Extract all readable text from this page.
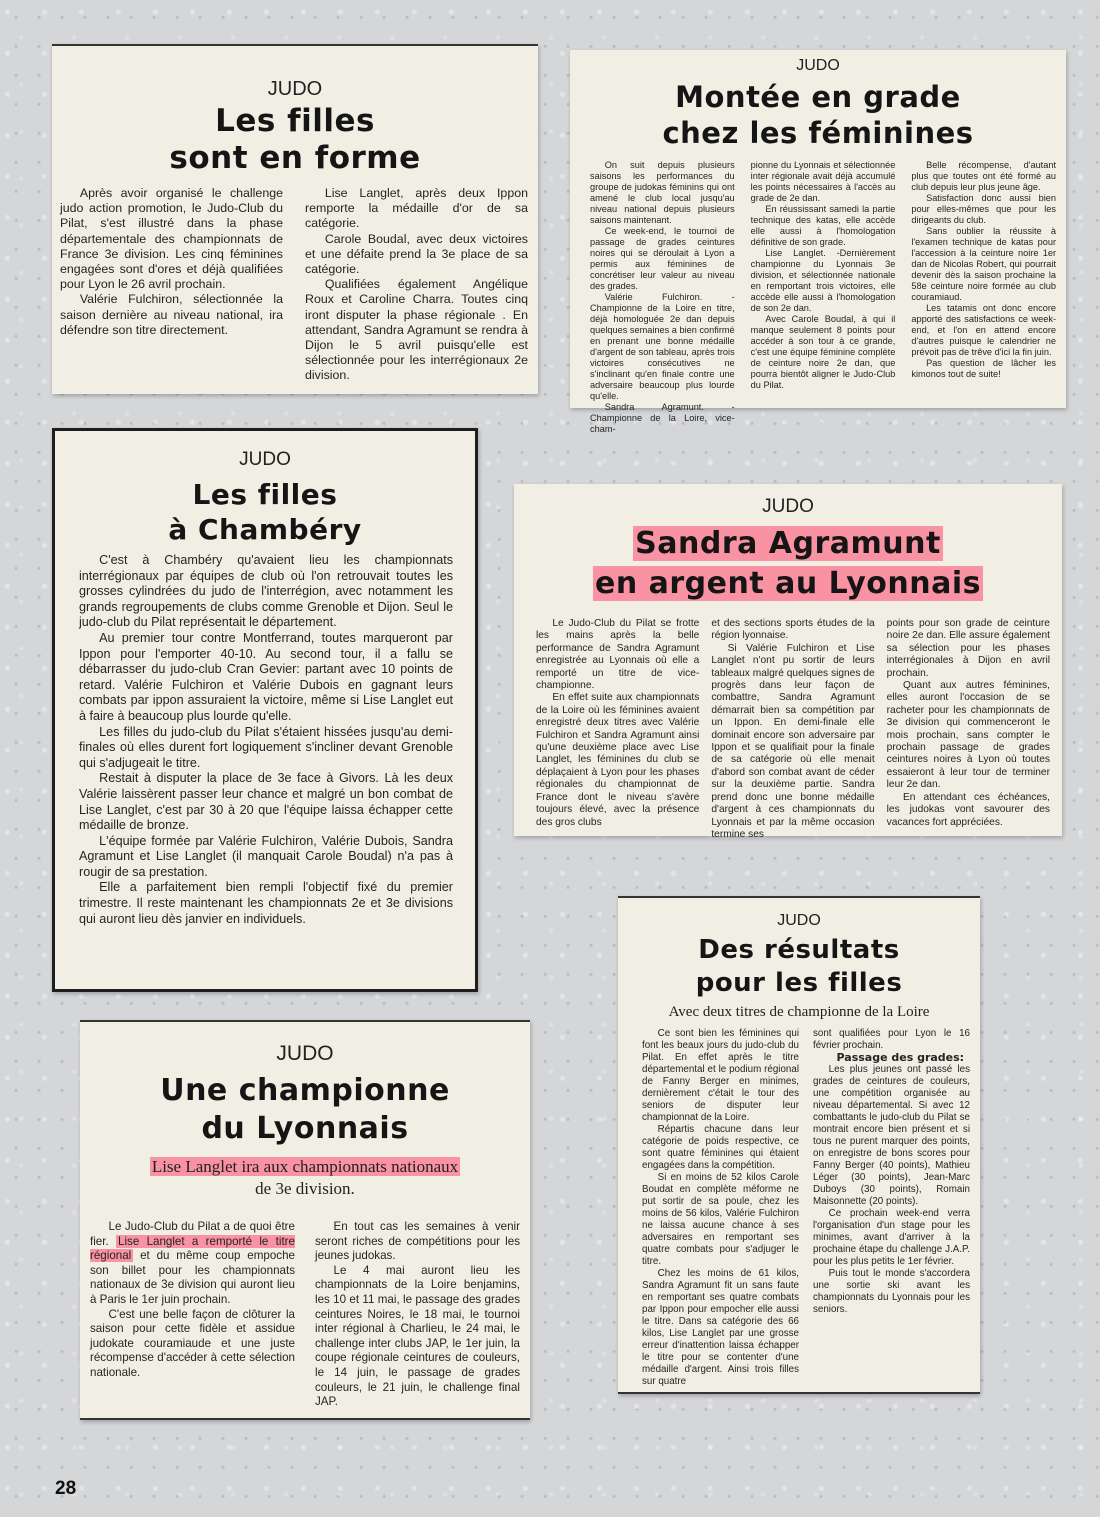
JUDO
Les filles
sont en forme

Après avoir organisé le challenge judo action promotion, le Judo-Club du Pilat, s'est illustré dans la phase départementale des championnats de France 3e division. Les cinq féminines engagées sont d'ores et déjà qualifiées pour Lyon le 26 avril prochain.

Valérie Fulchiron, sélectionnée la saison dernière au niveau national, ira défendre son titre directement.

Lise Langlet, après deux Ippon remporte la médaille d'or de sa catégorie.

Carole Boudal, avec deux victoires et une défaite prend la 3e place de sa catégorie.

Qualifiées également Angélique Roux et Caroline Charra. Toutes cinq iront disputer la phase régionale . En attendant, Sandra Agramunt se rendra à Dijon le 5 avril puisqu'elle est sélectionnée pour les interrégionaux 2e division.

JUDO
Montée en grade
chez les féminines

On suit depuis plusieurs saisons les performances du groupe de judokas féminins qui ont amené le club local jusqu'au niveau national depuis plusieurs saisons maintenant.

Ce week-end, le tournoi de passage de grades ceintures noires qui se déroulait à Lyon a permis aux féminines de concrétiser leur valeur au niveau des grades.

Valérie Fulchiron. - Championne de la Loire en titre, déjà homologuée 2e dan depuis quelques semaines a bien confirmé en prenant une bonne médaille d'argent de son tableau, après trois victoires consécutives ne s'inclinant qu'en finale contre une adversaire beaucoup plus lourde qu'elle.

Sandra Agramunt. - Championne de la Loire, vice-cham-

pionne du Lyonnais et sélectionnée inter régionale avait déjà accumulé les points nécessaires à l'accès au grade de 2e dan.

En réussissant samedi la partie technique des katas, elle accède elle aussi à l'homologation définitive de son grade.

Lise Langlet. -Dernièrement championne du Lyonnais 3e division, et sélectionnée nationale en remportant trois victoires, elle accède elle aussi à l'homologation de son 2e dan.

Avec Carole Boudal, à qui il manque seulement 8 points pour accéder à son tour à ce grande, c'est une équipe féminine complète de ceinture noire 2e dan, que pourra bientôt aligner le Judo-Club du Pilat.

Belle récompense, d'autant plus que toutes ont été formé au club depuis leur plus jeune âge.

Satisfaction donc aussi bien pour elles-mêmes que pour les dirigeants du club.

Sans oublier la réussite à l'examen technique de katas pour l'accession à la ceinture noire 1er dan de Nicolas Robert, qui pourrait devenir dès la saison prochaine la 58e ceinture noire formée au club couramiaud.

Les tatamis ont donc encore apporté des satisfactions ce week-end, et l'on en attend encore d'autres puisque le calendrier ne prévoit pas de trêve d'ici la fin juin.

Pas question de lâcher les kimonos tout de suite!

JUDO
Les filles
à Chambéry

C'est à Chambéry qu'avaient lieu les championnats interrégionaux par équipes de club où l'on retrouvait toutes les grosses cylindrées du judo de l'interrégion, avec notamment les grands regroupements de clubs comme Grenoble et Dijon. Seul le judo-club du Pilat représentait le département.

Au premier tour contre Montferrand, toutes marqueront par Ippon pour l'emporter 40-10. Au second tour, il a fallu se débarrasser du judo-club Cran Gevier: partant avec 10 points de retard. Valérie Fulchiron et Valérie Dubois en gagnant leurs combats par ippon assuraient la victoire, même si Lise Langlet eut à faire à beaucoup plus lourde qu'elle.

Les filles du judo-club du Pilat s'étaient hissées jusqu'au demi-finales où elles durent fort logiquement s'incliner devant Grenoble qui s'adjugeait le titre.

Restait à disputer la place de 3e face à Givors. Là les deux Valérie laissèrent passer leur chance et malgré un bon combat de Lise Langlet, c'est par 30 à 20 que l'équipe laissa échapper cette médaille de bronze.

L'équipe formée par Valérie Fulchiron, Valérie Dubois, Sandra Agramunt et Lise Langlet (il manquait Carole Boudal) n'a pas à rougir de sa prestation.

Elle a parfaitement bien rempli l'objectif fixé du premier trimestre. Il reste maintenant les championnats 2e et 3e divisions qui auront lieu dès janvier en individuels.

JUDO
Sandra Agramunt
en argent au Lyonnais

Le Judo-Club du Pilat se frotte les mains après la belle performance de Sandra Agramunt enregistrée au Lyonnais où elle a remporté un titre de vice-championne.

En effet suite aux championnats de la Loire où les féminines avaient enregistré deux titres avec Valérie Fulchiron et Sandra Agramunt ainsi qu'une deuxième place avec Lise Langlet, les féminines du club se déplaçaient à Lyon pour les phases régionales du championnat de France dont le niveau s'avère toujours élevé, avec la présence des gros clubs

et des sections sports études de la région lyonnaise.

Si Valérie Fulchiron et Lise Langlet n'ont pu sortir de leurs tableaux malgré quelques signes de progrès dans leur façon de combattre, Sandra Agramunt démarrait bien sa compétition par un Ippon. En demi-finale elle dominait encore son adversaire par Ippon et se qualifiait pour la finale de sa catégorie où elle menait d'abord son combat avant de céder sur la deuxième partie. Sandra prend donc une bonne médaille d'argent à ces championnats du Lyonnais et par la même occasion termine ses

points pour son grade de ceinture noire 2e dan. Elle assure également sa sélection pour les phases interrégionales à Dijon en avril prochain.

Quant aux autres féminines, elles auront l'occasion de se racheter pour les championnats de 3e division qui commenceront le mois prochain, sans compter le prochain passage de grades ceintures noires à Lyon où toutes essaieront à leur tour de terminer leur 2e dan.

En attendant ces échéances, les judokas vont savourer des vacances fort appréciées.

JUDO
Une championne
du Lyonnais
Lise Langlet ira aux championnats nationaux
de 3e division.

Le Judo-Club du Pilat a de quoi être fier. Lise Langlet a remporté le titre régional et du même coup empoche son billet pour les championnats nationaux de 3e division qui auront lieu à Paris le 1er juin prochain.

C'est une belle façon de clôturer la saison pour cette fidèle et assidue judokate couramiaude et une juste récompense d'accéder à cette sélection nationale.

En tout cas les semaines à venir seront riches de compétitions pour les jeunes judokas.

Le 4 mai auront lieu les championnats de la Loire benjamins, les 10 et 11 mai, le passage des grades ceintures Noires, le 18 mai, le tournoi inter régional à Charlieu, le 24 mai, le challenge inter clubs JAP, le 1er juin, la coupe régionale ceintures de couleurs, le 14 juin, le passage de grades couleurs, le 21 juin, le challenge final JAP.

JUDO
Des résultats
pour les filles
Avec deux titres de championne de la Loire

Ce sont bien les féminines qui font les beaux jours du judo-club du Pilat. En effet après le titre départemental et le podium régional de Fanny Berger en minimes, dernièrement c'était le tour des seniors de disputer leur championnat de la Loire.

Répartis chacune dans leur catégorie de poids respective, ce sont quatre féminines qui étaient engagées dans la compétition.

Si en moins de 52 kilos Carole Boudat en complète méforme ne put sortir de sa poule, chez les moins de 56 kilos, Valérie Fulchiron ne laissa aucune chance à ses adversaires en remportant ses quatre combats pour s'adjuger le titre.

Chez les moins de 61 kilos, Sandra Agramunt fit un sans faute en remportant ses quatre combats par Ippon pour empocher elle aussi le titre. Dans sa catégorie des 66 kilos, Lise Langlet par une grosse erreur d'inattention laissa échapper le titre pour se contenter d'une médaille d'argent. Ainsi trois filles sur quatre

sont qualifiées pour Lyon le 16 février prochain.

Passage des grades:

Les plus jeunes ont passé les grades de ceintures de couleurs, une compétition organisée au niveau départemental. Si avec 12 combattants le judo-club du Pilat se montrait encore bien présent et si tous ne purent marquer des points, on enregistre de bons scores pour Fanny Berger (40 points), Mathieu Léger (30 points), Jean-Marc Duboys (30 points), Romain Maisonnette (20 points).

Ce prochain week-end verra l'organisation d'un stage pour les minimes, avant d'arriver à la prochaine étape du challenge J.A.P. pour les plus petits le 1er février.

Puis tout le monde s'accordera une sortie ski avant les championnats du Lyonnais pour les seniors.

28
